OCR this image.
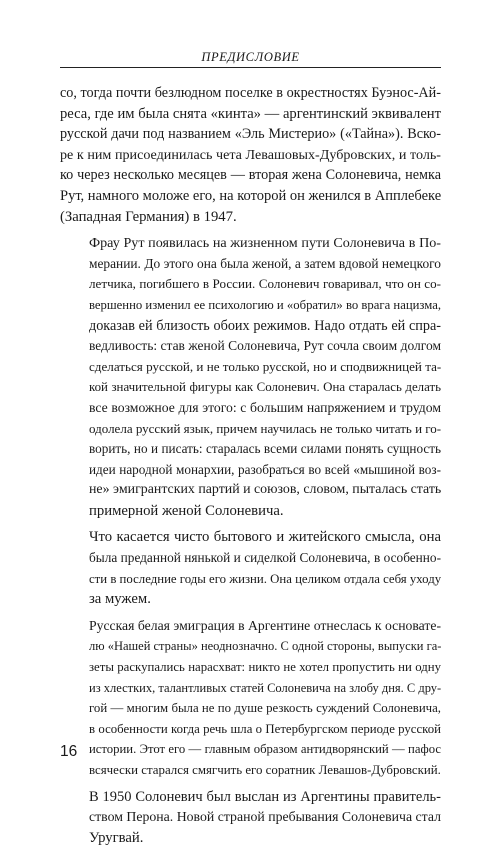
ПРЕДИСЛОВИЕ

со, тогда почти безлюдном поселке в окрестностях Буэнос-Ай-
реса, где им была снята «кинта» — аргентинский эквивалент
русской дачи под названием «Эль Мистерио» («Тайна»). Вско-
ре к ним присоединилась чета Левашовых-Дубровских, и толь-
ко через несколько месяцев — вторая жена Солоневича, немка
Рут, намного моложе его, на которой он женился в Апплебеке
(Западная Германия) в 1947.

Фрау Рут появилась на жизненном пути Солоневича в По-
мерании. До этого она была женой, а затем вдовой немецкого
летчика, погибшего в России. Солоневич говаривал, что он со-
вершенно изменил ее психологию и «обратил» во врага нацизма,
доказав ей близость обоих режимов. Надо отдать ей спра-
ведливость: став женой Солоневича, Рут сочла своим долгом
сделаться русской, и не только русской, но и сподвижницей та-
кой значительной фигуры как Солоневич. Она старалась делать
все возможное для этого: с большим напряжением и трудом
одолела русский язык, причем научилась не только читать и го-
ворить, но и писать: старалась всеми силами понять сущность
идеи народной монархии, разобраться во всей «мышиной воз-
не» эмигрантских партий и союзов, словом, пыталась стать
примерной женой Солоневича.

Что касается чисто бытового и житейского смысла, она
была преданной нянькой и сиделкой Солоневича, в особенно-
сти в последние годы его жизни. Она целиком отдала себя уходу
за мужем.

Русская белая эмиграция в Аргентине отнеслась к основате-
лю «Нашей страны» неоднозначно. С одной стороны, выпуски га-
зеты раскупались нарасхват: никто не хотел пропустить ни одну
из хлестких, талантливых статей Солоневича на злобу дня. С дру-
гой — многим была не по душе резкость суждений Солоневича,
в особенности когда речь шла о Петербургском периоде русской
истории. Этот его — главным образом антидворянский — пафос
всячески старался смягчить его соратник Левашов-Дубровский.

В 1950 Солоневич был выслан из Аргентины правитель-
ством Перона. Новой страной пребывания Солоневича стал
Уругвай.

16
